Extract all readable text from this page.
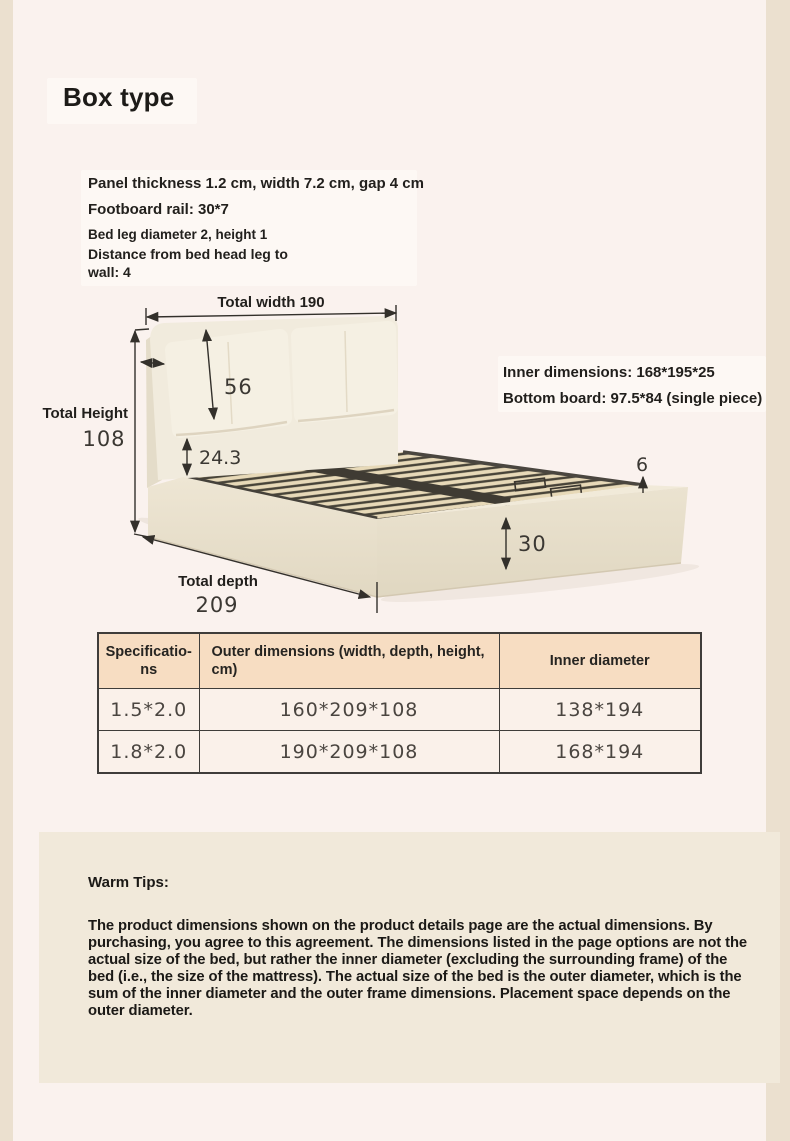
Box type
Panel thickness 1.2 cm, width 7.2 cm, gap 4 cm
Footboard rail: 30*7
Bed leg diameter 2, height 1
Distance from bed head leg to wall: 4
Inner dimensions: 168*195*25
Bottom board: 97.5*84 (single piece)
Total width 190
Total Height
108
56
24.3
30
6
Total depth
209
Specificatio-ns	Outer dimensions (width, depth, height, cm)	Inner diameter
1.5*2.0	160*209*108	138*194
1.8*2.0	190*209*108	168*194
Warm Tips:
The product dimensions shown on the product details page are the actual dimensions. By purchasing, you agree to this agreement. The dimensions listed in the page options are not the actual size of the bed, but rather the inner diameter (excluding the surrounding frame) of the bed (i.e., the size of the mattress). The actual size of the bed is the outer diameter, which is the sum of the inner diameter and the outer frame dimensions. Placement space depends on the outer diameter.
